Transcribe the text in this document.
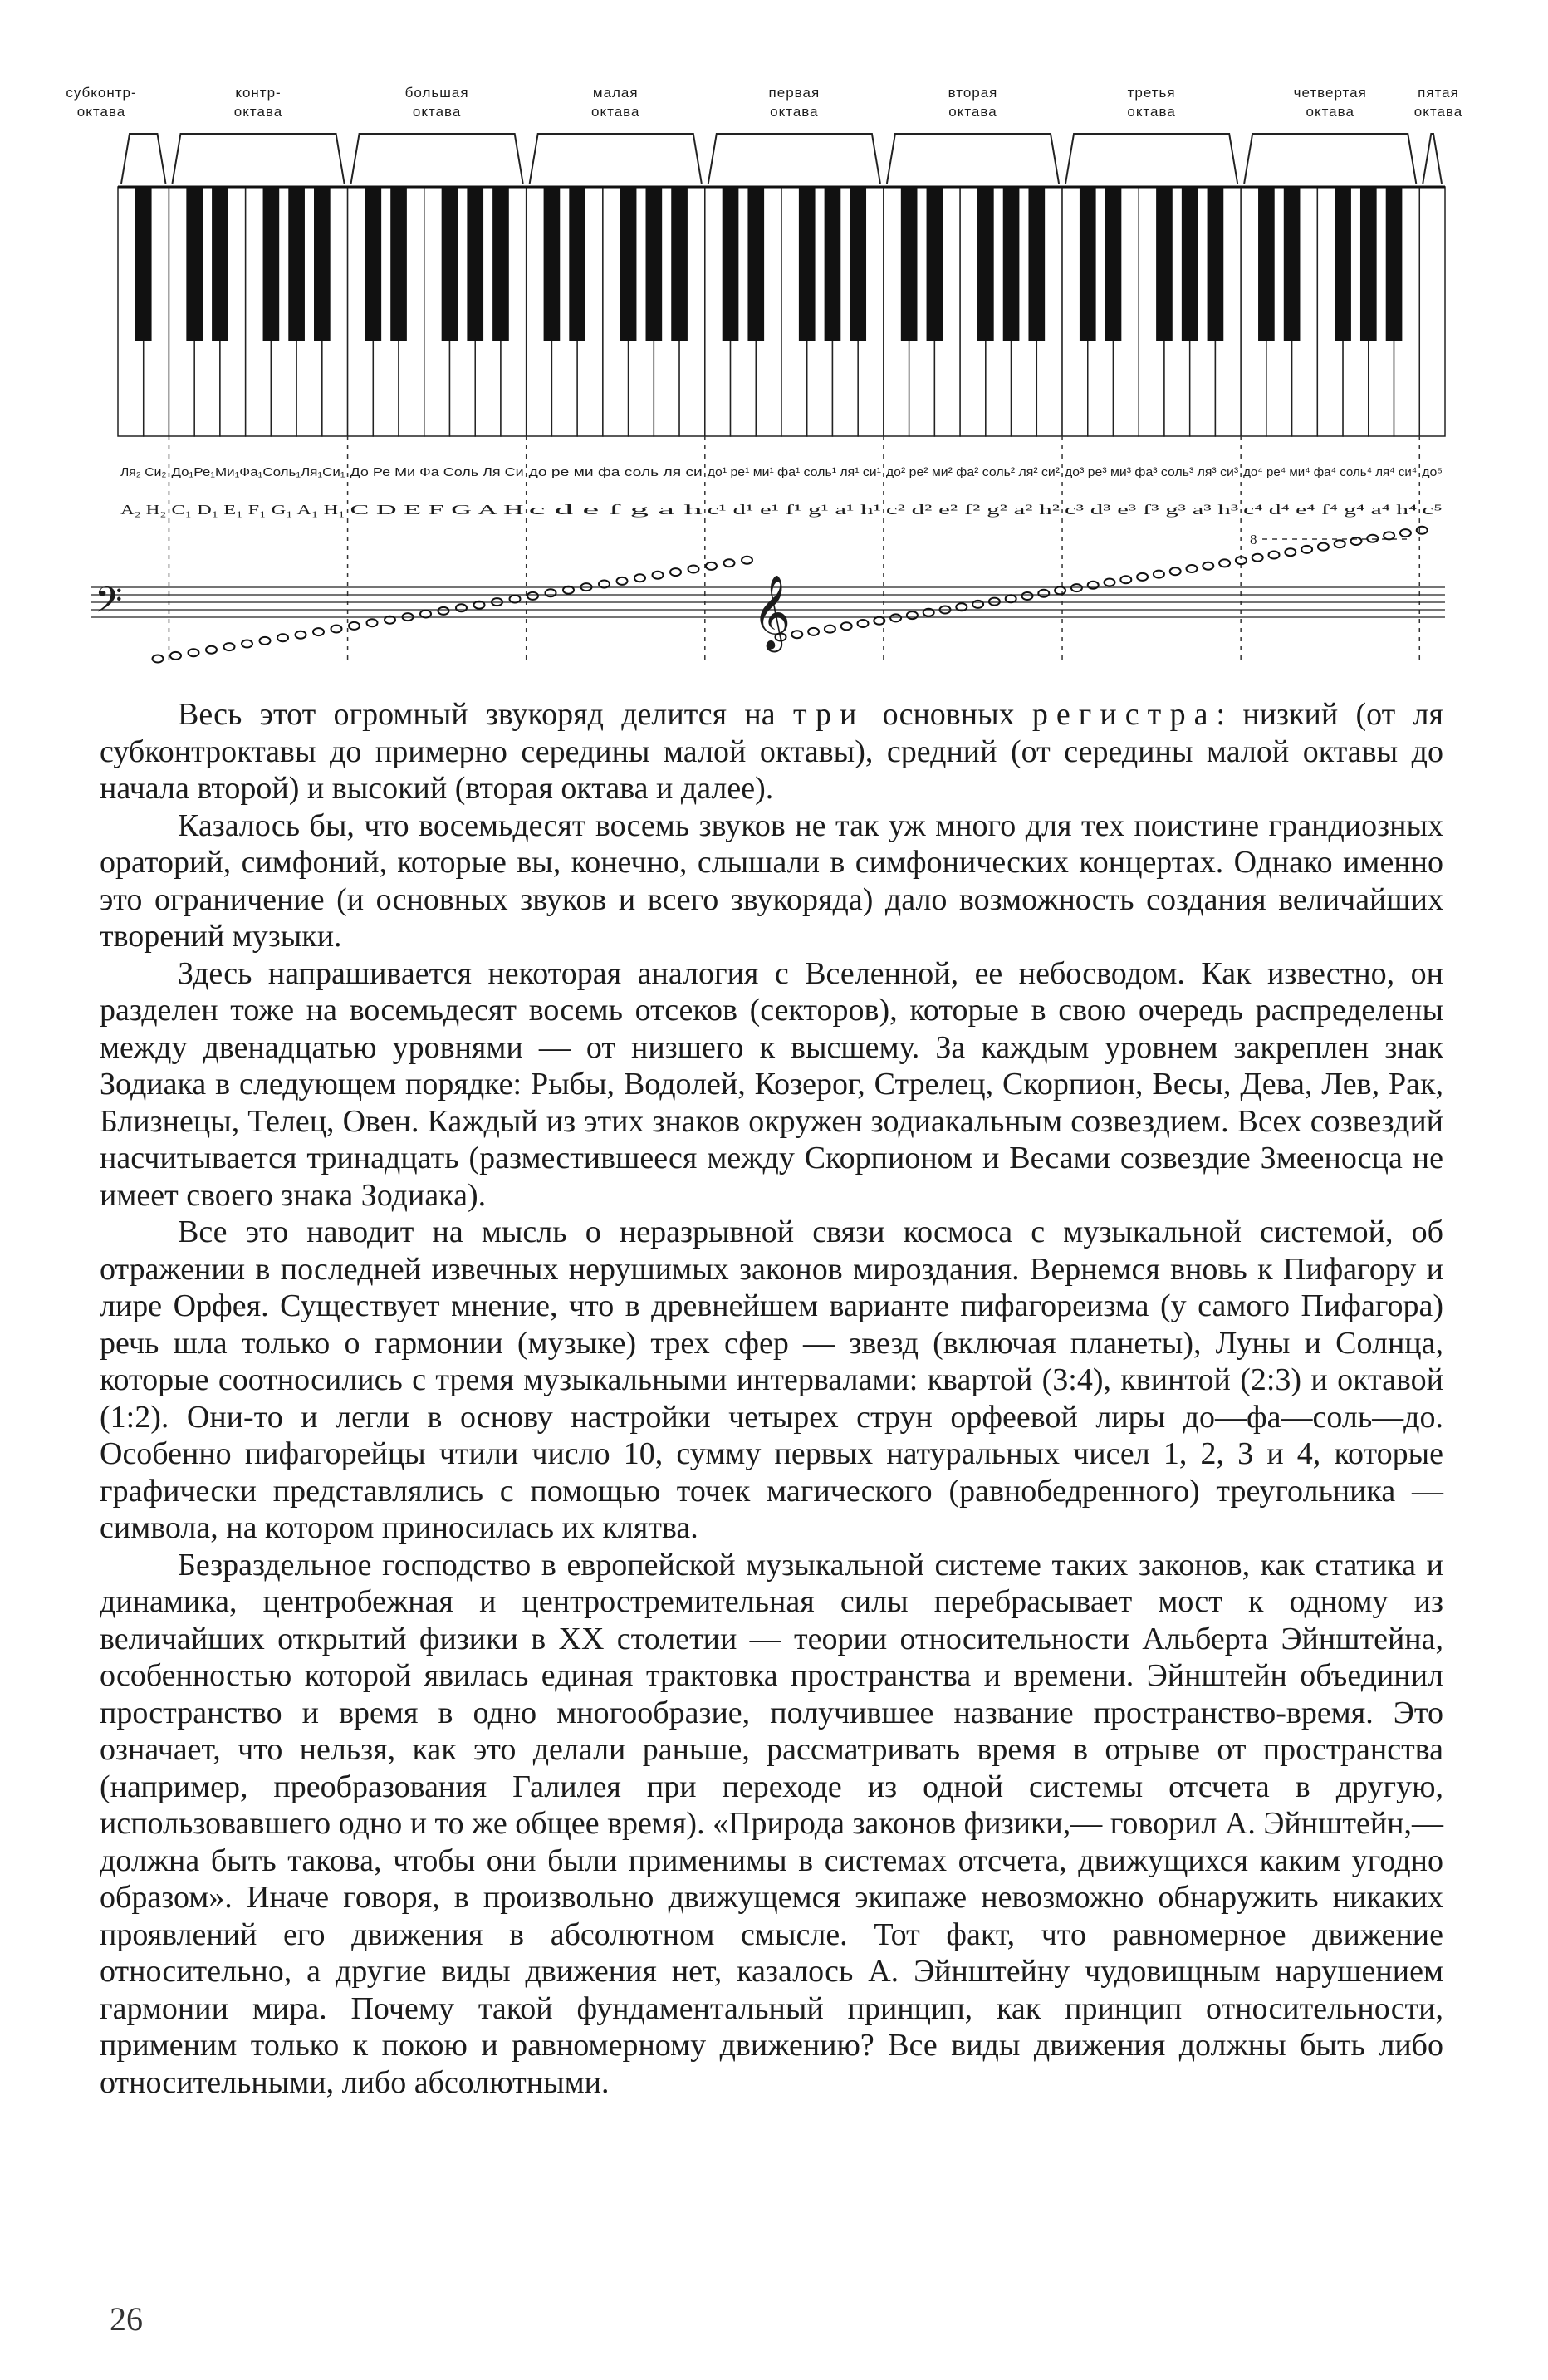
субконтр-
октава
контр-
октава
большая
октава
малая
октава
первая
октава
вторая
октава
третья
октава
четвертая
октава
пятая
октава
Ля₂ Си₂
A₂ H₂
До₁Ре₁Ми₁Фа₁Соль₁Ля₁Си₁
C₁ D₁ E₁ F₁ G₁ A₁ H₁
До Ре Ми Фа Соль Ля Си
C D E F G A H
до ре ми фа соль ля си
c d e f g a h
до¹ ре¹ ми¹ фа¹ соль¹ ля¹ си¹
c¹ d¹ e¹ f¹ g¹ a¹ h¹
до² ре² ми² фа² соль² ля² си²
c² d² e² f² g² a² h²
до³ ре³ ми³ фа³ соль³ ля³ си³
c³ d³ e³ f³ g³ a³ h³
до⁴ ре⁴ ми⁴ фа⁴ соль⁴ ля⁴ си⁴
c⁴ d⁴ e⁴ f⁴ g⁴ a⁴ h⁴
до⁵
c⁵
8
𝄢	𝄞

Весь этот огромный звукоряд делится на три основных регистра: низкий (от ля субконтроктавы до примерно середины малой октавы), средний (от середины малой октавы до начала второй) и высокий (вторая октава и далее).

Казалось бы, что восемьдесят восемь звуков не так уж много для тех поистине грандиозных ораторий, симфоний, которые вы, конечно, слышали в симфонических концертах. Однако именно это ограничение (и основных звуков и всего звукоряда) дало возможность создания величайших творений музыки.

Здесь напрашивается некоторая аналогия с Вселенной, ее небосводом. Как известно, он разделен тоже на восемьдесят восемь отсеков (секторов), которые в свою очередь распределены между двенадцатью уровнями — от низшего к высшему. За каждым уровнем закреплен знак Зодиака в следующем порядке: Рыбы, Водолей, Козерог, Стрелец, Скорпион, Весы, Дева, Лев, Рак, Близнецы, Телец, Овен. Каждый из этих знаков окружен зодиакальным созвездием. Всех созвездий насчитывается тринадцать (разместившееся между Скорпионом и Весами созвездие Змееносца не имеет своего знака Зодиака).

Все это наводит на мысль о неразрывной связи космоса с музыкальной системой, об отражении в последней извечных нерушимых законов мироздания. Вернемся вновь к Пифагору и лире Орфея. Существует мнение, что в древнейшем варианте пифагореизма (у самого Пифагора) речь шла только о гармонии (музыке) трех сфер — звезд (включая планеты), Луны и Солнца, которые соотносились с тремя музыкальными интервалами: квартой (3:4), квинтой (2:3) и октавой (1:2). Они-то и легли в основу настройки четырех струн орфеевой лиры до—фа—соль—до. Особенно пифагорейцы чтили число 10, сумму первых натуральных чисел 1, 2, 3 и 4, которые графически представлялись с помощью точек магического (равнобедренного) треугольника — символа, на котором приносилась их клятва.

Безраздельное господство в европейской музыкальной системе таких законов, как статика и динамика, центробежная и центростремительная силы перебрасывает мост к одному из величайших открытий физики в XX столетии — теории относительности Альберта Эйнштейна, особенностью которой явилась единая трактовка пространства и времени. Эйнштейн объединил пространство и время в одно многообразие, получившее название пространство-время. Это означает, что нельзя, как это делали раньше, рассматривать время в отрыве от пространства (например, преобразования Галилея при переходе из одной системы отсчета в другую, использовавшего одно и то же общее время). «Природа законов физики,— говорил А. Эйнштейн,— должна быть такова, чтобы они были применимы в системах отсчета, движущихся каким угодно образом». Иначе говоря, в произвольно движущемся экипаже невозможно обнаружить никаких проявлений его движения в абсолютном смысле. Тот факт, что равномерное движение относительно, а другие виды движения нет, казалось А. Эйнштейну чудовищным нарушением гармонии мира. Почему такой фундаментальный принцип, как принцип относительности, применим только к покою и равномерному движению? Все виды движения должны быть либо относительными, либо абсолютными.

26
